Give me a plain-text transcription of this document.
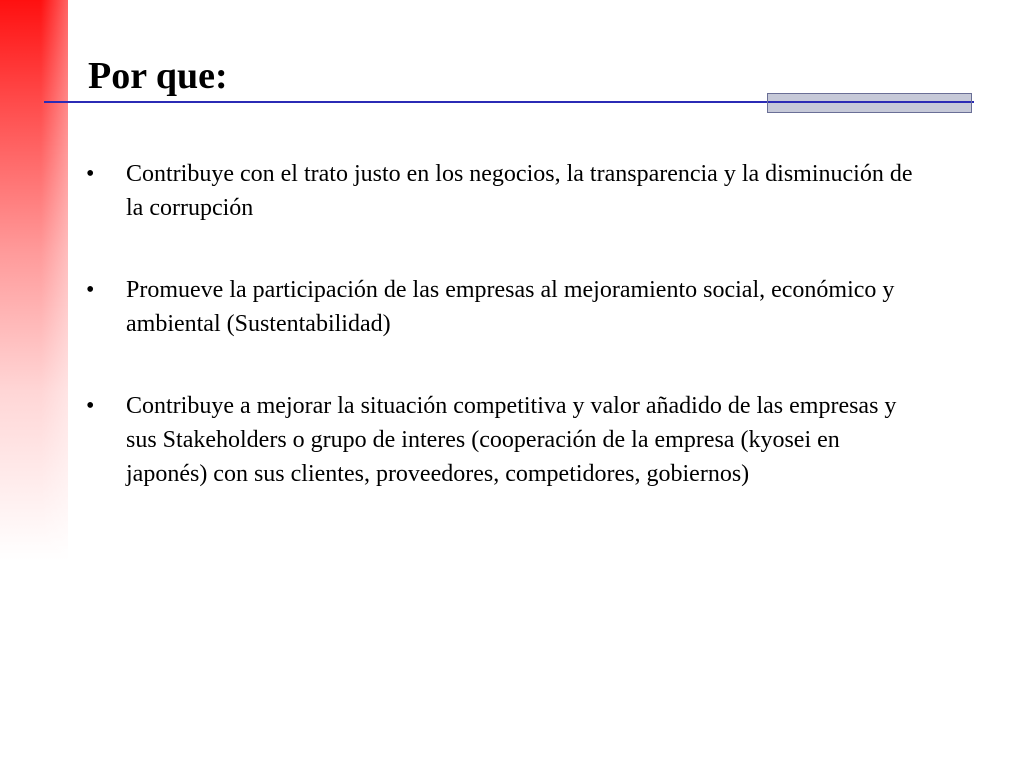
Por que:
• Contribuye con el trato justo en los negocios, la transparencia y la disminución de la corrupción
• Promueve la participación de las empresas al mejoramiento social, económico y ambiental (Sustentabilidad)
• Contribuye a mejorar la situación competitiva y valor añadido de las empresas y sus Stakeholders o grupo de interes (cooperación de la empresa (kyosei en japonés) con sus clientes, proveedores, competidores, gobiernos)
